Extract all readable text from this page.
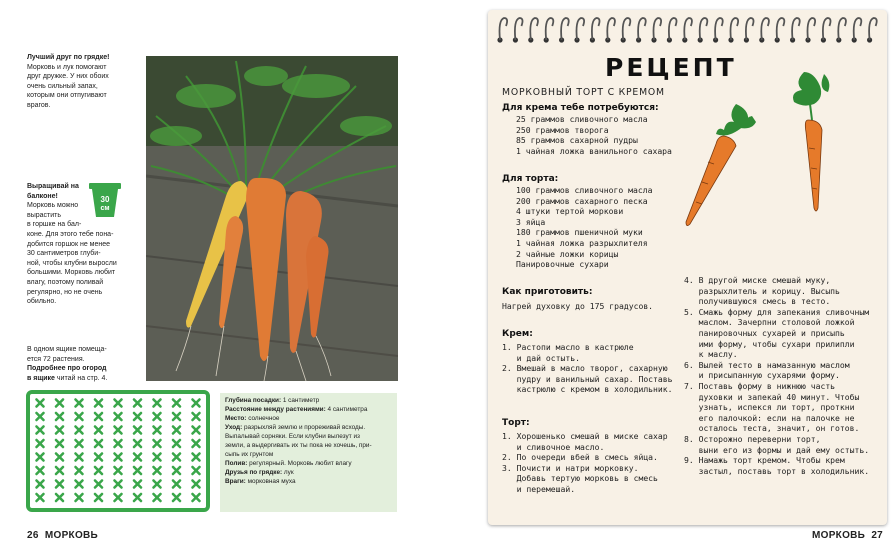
Лучший друг по грядке!
Морковь и лук помогают
друг дружке. У них обоих
очень сильный запах,
которым они отпугивают
врагов.
Выращивай на
балконе!
Морковь можно
вырастить
в горшке на бал-
коне. Для этого тебе пона-
добится горшок не менее
30 сантиметров глуби-
ной, чтобы клубни выросли
большими. Морковь любит
влагу, поэтому поливай
регулярно, но не очень
обильно.
30
см
В одном ящике помеща-
ется 72 растения.
Подробнее про огород
в ящике читай на стр. 4.
Глубина посадки: 1 сантиметр
Расстояние между растениями: 4 сантиметра
Место: солнечное
Уход: разрыхляй землю и прореживай всходы.
Выпалывай сорняки. Если клубни вылезут из
земли, а выдергивать их ты пока не хочешь, при-
сыпь их грунтом
Полив: регулярный. Морковь любит влагу
Друзья по грядке: лук
Враги: морковная муха
26  МОРКОВЬ
РЕЦЕПТ
МОРКОВНЫЙ ТОРТ С КРЕМОМ
Для крема тебе потребуются:
25 граммов сливочного масла
250 граммов творога
85 граммов сахарной пудры
1 чайная ложка ванильного сахара
Для торта:
100 граммов сливочного масла
200 граммов сахарного песка
4 штуки тертой моркови
3 яйца
180 граммов пшеничной муки
1 чайная ложка разрыхлителя
2 чайные ложки корицы
Панировочные сухари
Как приготовить:
Нагрей духовку до 175 градусов.
Крем:
1. Растопи масло в кастрюле
и дай остыть.
2. Вмешай в масло творог, сахарную
пудру и ванильный сахар. Поставь
кастрюлю с кремом в холодильник.
Торт:
1. Хорошенько смешай в миске сахар
и сливочное масло.
2. По очереди вбей в смесь яйца.
3. Почисти и натри морковку.
Добавь тертую морковь в смесь
и перемешай.
4. В другой миске смешай муку,
разрыхлитель и корицу. Высыпь
получившуюся смесь в тесто.
5. Смажь форму для запекания сливочным
маслом. Зачерпни столовой ложкой
панировочных сухарей и присыпь
ими форму, чтобы сухари прилипли
к маслу.
6. Вылей тесто в намазанную маслом
и присыпанную сухарями форму.
7. Поставь форму в нижнюю часть
духовки и запекай 40 минут. Чтобы
узнать, испекся ли торт, проткни
его палочкой: если на палочке не
осталось теста, значит, он готов.
8. Осторожно переверни торт,
выни его из формы и дай ему остыть.
9. Намажь торт кремом. Чтобы крем
застыл, поставь торт в холодильник.
МОРКОВЬ  27
